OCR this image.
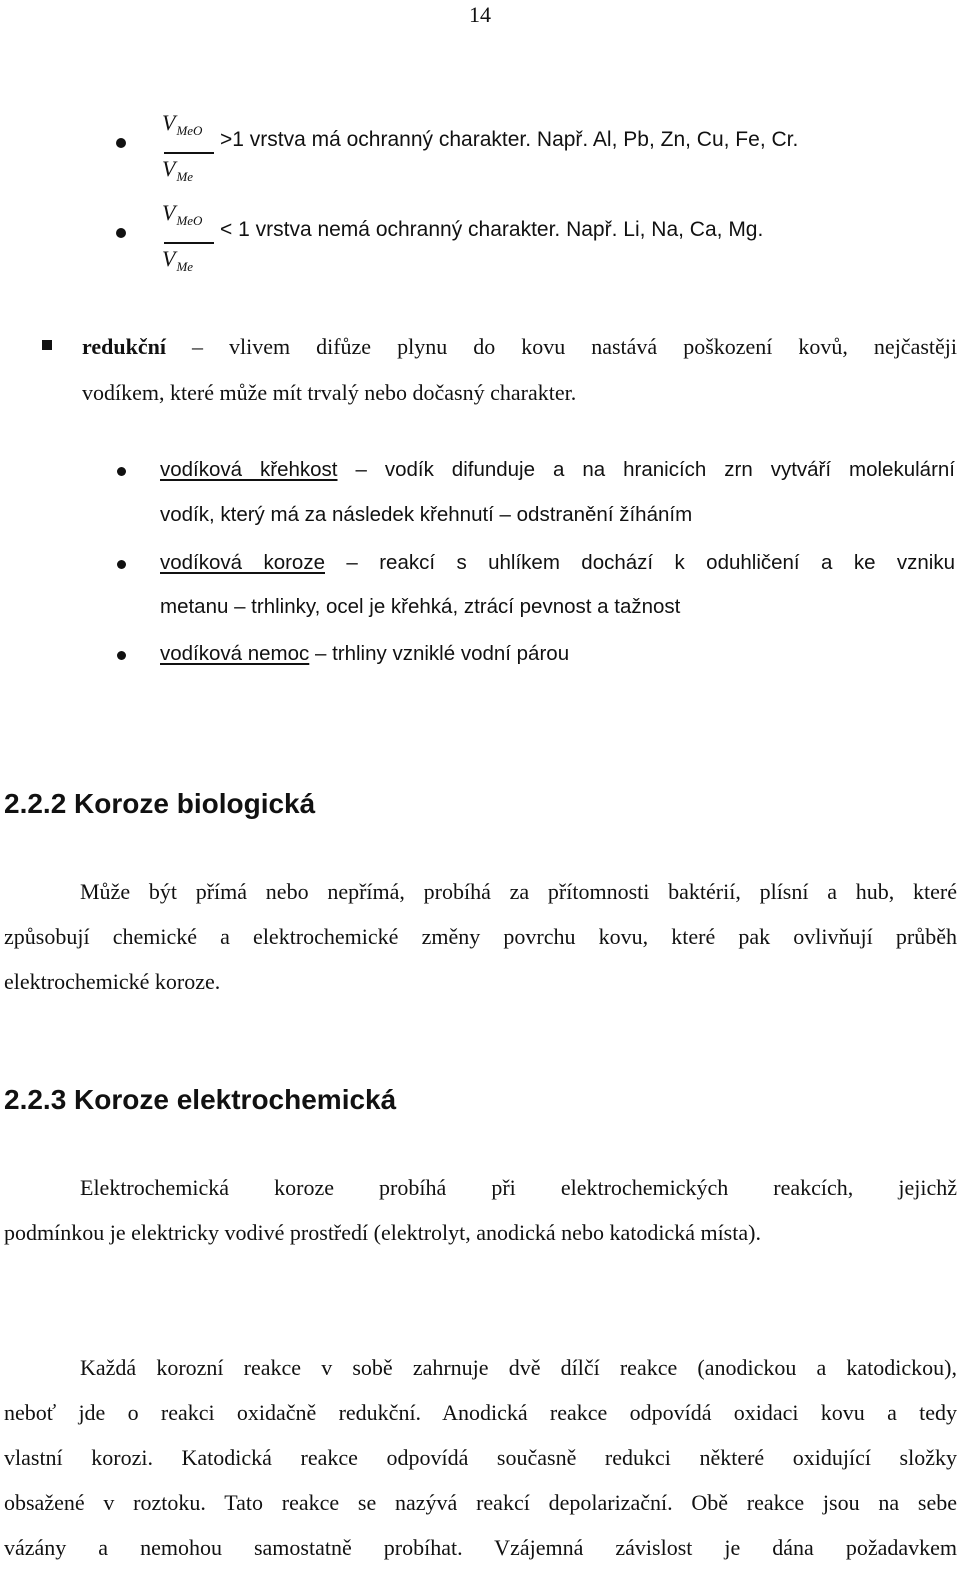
14
$V_{MeO}$
$V_{Me}$
>1 vrstva má ochranný charakter. Např. Al, Pb, Zn, Cu, Fe, Cr.
$V_{MeO}$
$V_{Me}$
< 1 vrstva nemá ochranný charakter. Např. Li, Na, Ca, Mg.
redukční – vlivem difůze plynu do kovu nastává poškození kovů, nejčastěji
vodíkem, které může mít trvalý nebo dočasný charakter.
vodíková křehkost – vodík difunduje a na hranicích zrn vytváří molekulární
vodík, který má za následek křehnutí – odstranění žíháním
vodíková koroze – reakcí s uhlíkem dochází k oduhličení a ke vzniku
metanu – trhlinky, ocel je křehká, ztrácí pevnost a tažnost
vodíková nemoc – trhliny vzniklé vodní párou
2.2.2 Koroze biologická
Může být přímá nebo nepřímá, probíhá za přítomnosti baktérií, plísní a hub, které
způsobují chemické a elektrochemické změny povrchu kovu, které pak ovlivňují průběh
elektrochemické koroze.
2.2.3 Koroze elektrochemická
Elektrochemická koroze probíhá při elektrochemických reakcích, jejichž
podmínkou je elektricky vodivé prostředí (elektrolyt, anodická nebo katodická místa).
Každá korozní reakce v sobě zahrnuje dvě dílčí reakce (anodickou a katodickou),
neboť jde o reakci oxidačně redukční. Anodická reakce odpovídá oxidaci kovu a tedy
vlastní korozi. Katodická reakce odpovídá současně redukci některé oxidující složky
obsažené v roztoku. Tato reakce se nazývá reakcí depolarizační. Obě reakce jsou na sebe
vázány a nemohou samostatně probíhat. Vzájemná závislost je dána požadavkem
